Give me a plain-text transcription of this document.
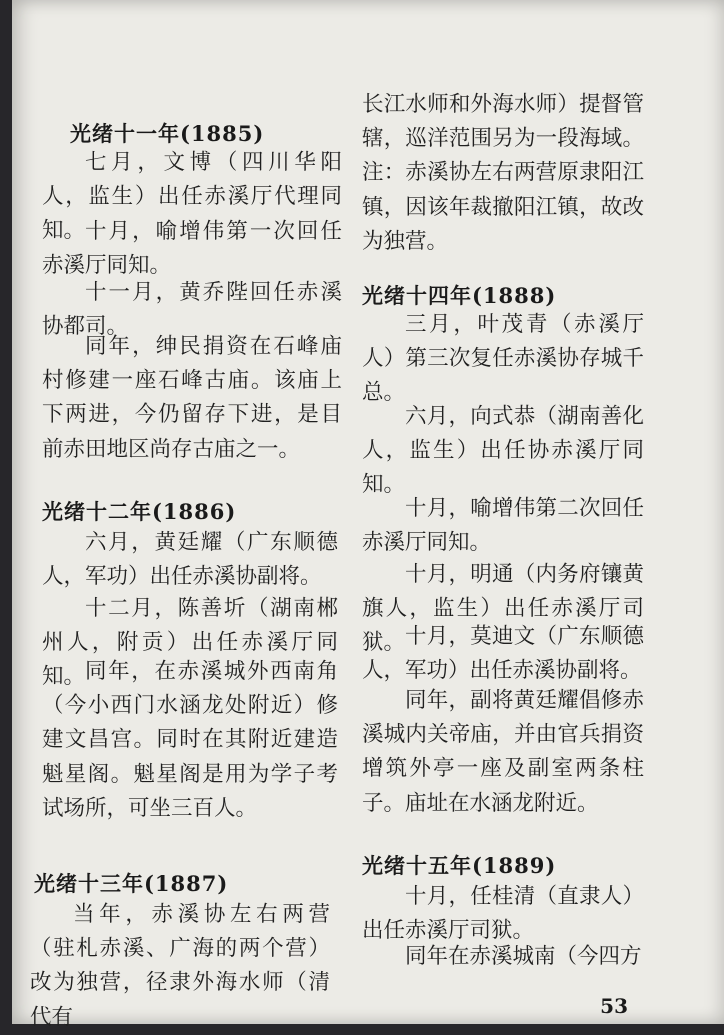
光绪十一年(1885)

七月，文博（四川华阳人，监生）出任赤溪厅代理同知。 十月，喻增伟第一次回任赤溪厅同知。

十一月，黄乔陛回任赤溪协都司。

同年，绅民捐资在石峰庙村修建一座石峰古庙。该庙上下两进，今仍留存下进，是目前赤田地区尚存古庙之一。

光绪十二年(1886)

六月，黄廷耀（广东顺德人，军功）出任赤溪协副将。

十二月，陈善圻（湖南郴州人，附贡）出任赤溪厅同知。 同年，在赤溪城外西南角（今小西门水涵龙处附近）修建文昌宫。同时在其附近建造魁星阁。魁星阁是用为学子考试场所，可坐三百人。

光绪十三年(1887)

当年，赤溪协左右两营（驻札赤溪、广海的两个营）改为独营，径隶外海水师（清代有

长江水师和外海水师）提督管辖，巡洋范围另为一段海域。注：赤溪协左右两营原隶阳江镇，因该年裁撤阳江镇，故改为独营。

光绪十四年(1888)

三月，叶茂青（赤溪厅人）第三次复任赤溪协存城千总。

六月，向式恭（湖南善化人，监生）出任协赤溪厅同知。

十月，喻增伟第二次回任赤溪厅同知。

十月，明通（内务府镶黄旗人，监生）出任赤溪厅司狱。 十月，莫迪文（广东顺德人，军功）出任赤溪协副将。

同年，副将黄廷耀倡修赤溪城内关帝庙，并由官兵捐资增筑外亭一座及副室两条柱子。庙址在水涵龙附近。

光绪十五年(1889)

十月，任桂清（直隶人）出任赤溪厅司狱。

同年在赤溪城南（今四方

53
